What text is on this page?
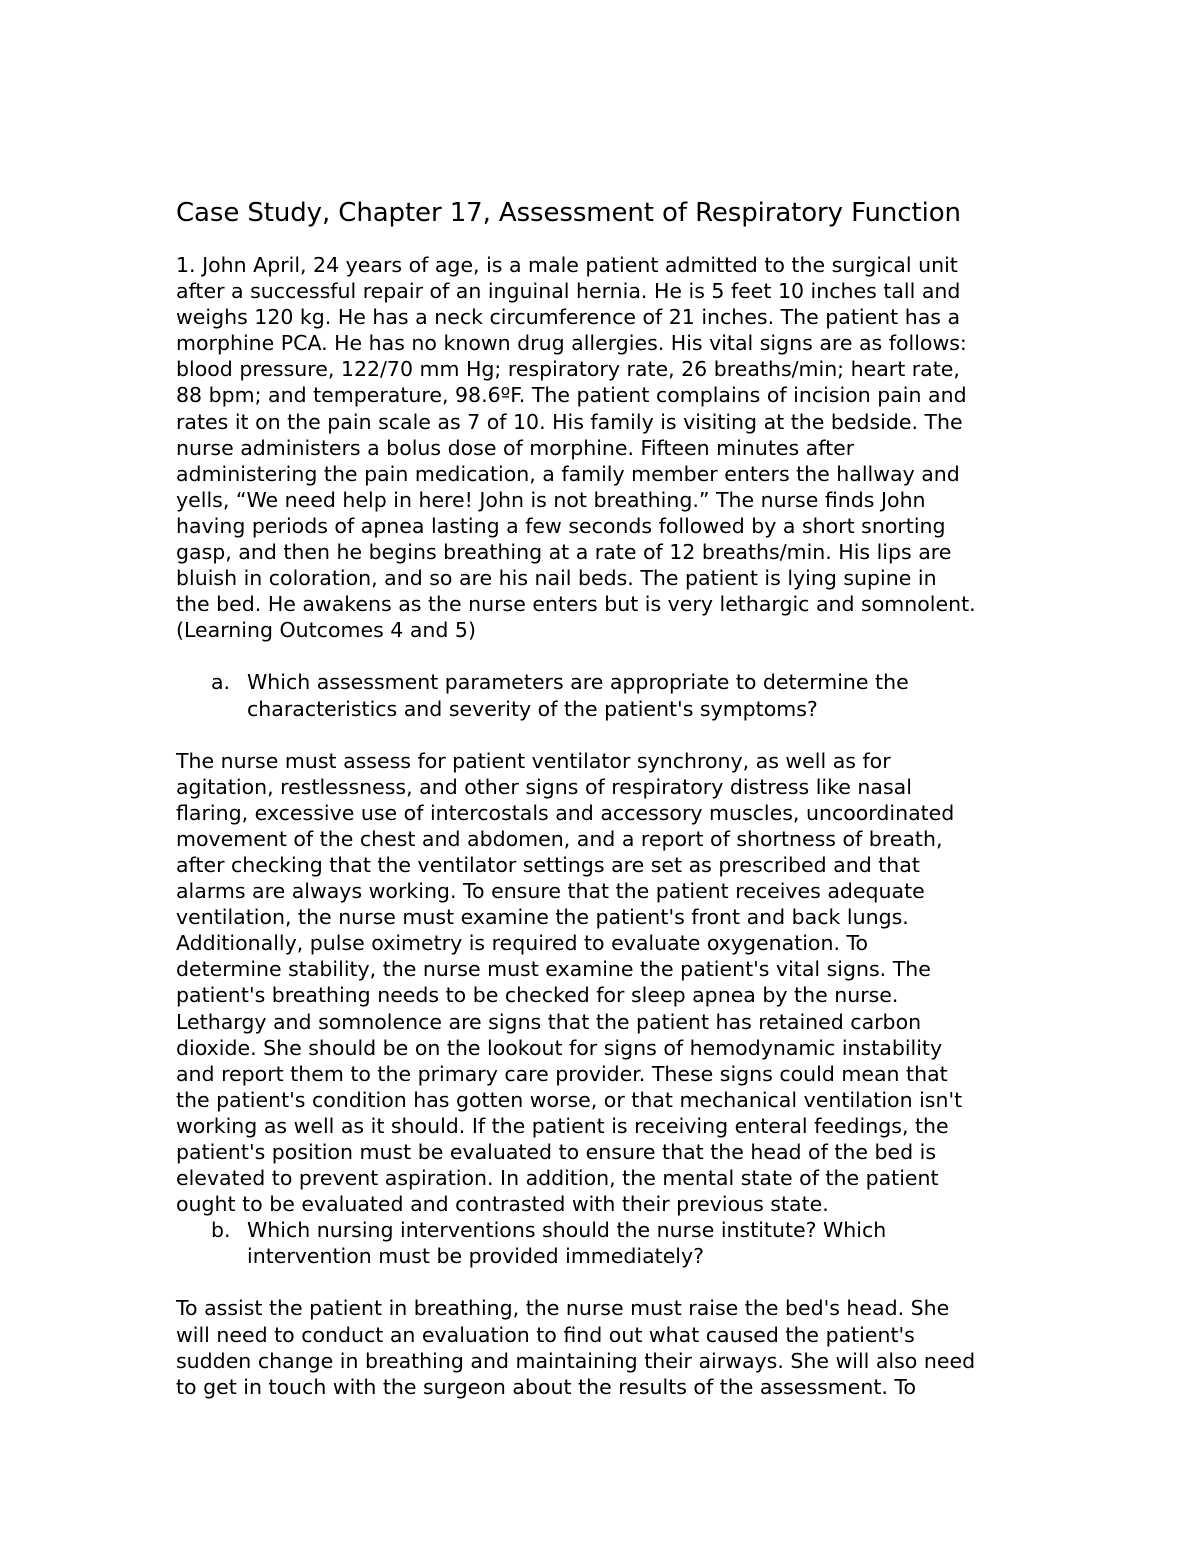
Case Study, Chapter 17, Assessment of Respiratory Function

1. John April, 24 years of age, is a male patient admitted to the surgical unit
after a successful repair of an inguinal hernia. He is 5 feet 10 inches tall and
weighs 120 kg. He has a neck circumference of 21 inches. The patient has a
morphine PCA. He has no known drug allergies. His vital signs are as follows:
blood pressure, 122/70 mm Hg; respiratory rate, 26 breaths/min; heart rate,
88 bpm; and temperature, 98.6ºF. The patient complains of incision pain and
rates it on the pain scale as 7 of 10. His family is visiting at the bedside. The
nurse administers a bolus dose of morphine. Fifteen minutes after
administering the pain medication, a family member enters the hallway and
yells, “We need help in here! John is not breathing.” The nurse finds John
having periods of apnea lasting a few seconds followed by a short snorting
gasp, and then he begins breathing at a rate of 12 breaths/min. His lips are
bluish in coloration, and so are his nail beds. The patient is lying supine in
the bed. He awakens as the nurse enters but is very lethargic and somnolent.
(Learning Outcomes 4 and 5)

a. Which assessment parameters are appropriate to determine the
characteristics and severity of the patient's symptoms?

The nurse must assess for patient ventilator synchrony, as well as for
agitation, restlessness, and other signs of respiratory distress like nasal
flaring, excessive use of intercostals and accessory muscles, uncoordinated
movement of the chest and abdomen, and a report of shortness of breath,
after checking that the ventilator settings are set as prescribed and that
alarms are always working. To ensure that the patient receives adequate
ventilation, the nurse must examine the patient's front and back lungs.
Additionally, pulse oximetry is required to evaluate oxygenation. To
determine stability, the nurse must examine the patient's vital signs. The
patient's breathing needs to be checked for sleep apnea by the nurse.
Lethargy and somnolence are signs that the patient has retained carbon
dioxide. She should be on the lookout for signs of hemodynamic instability
and report them to the primary care provider. These signs could mean that
the patient's condition has gotten worse, or that mechanical ventilation isn't
working as well as it should. If the patient is receiving enteral feedings, the
patient's position must be evaluated to ensure that the head of the bed is
elevated to prevent aspiration. In addition, the mental state of the patient
ought to be evaluated and contrasted with their previous state.

b. Which nursing interventions should the nurse institute? Which
intervention must be provided immediately?

To assist the patient in breathing, the nurse must raise the bed's head. She
will need to conduct an evaluation to find out what caused the patient's
sudden change in breathing and maintaining their airways. She will also need
to get in touch with the surgeon about the results of the assessment. To
